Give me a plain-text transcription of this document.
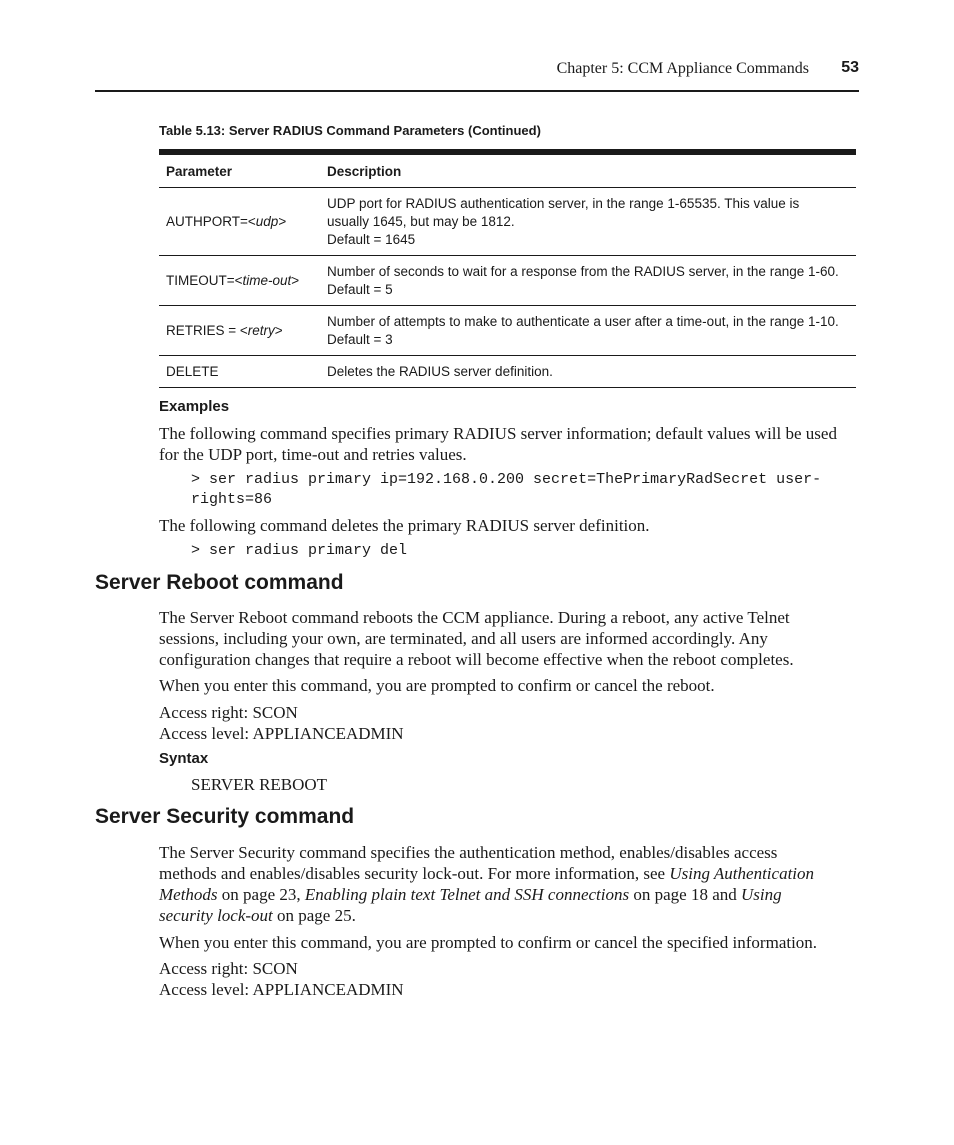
Chapter 5: CCM Appliance Commands 53
Table 5.13: Server RADIUS Command Parameters (Continued)
Parameter	Description
AUTHPORT=<udp>	UDP port for RADIUS authentication server, in the range 1-65535. This value is
usually 1645, but may be 1812.
Default = 1645

TIMEOUT=<time-out>	Number of seconds to wait for a response from the RADIUS server, in the range 1-60.
Default = 5

RETRIES = <retry>	Number of attempts to make to authenticate a user after a time-out, in the range 1-10.
Default = 3

DELETE	Deletes the RADIUS server definition.
Examples
The following command specifies primary RADIUS server information; default values will be used
for the UDP port, time-out and retries values.
> ser radius primary ip=192.168.0.200 secret=ThePrimaryRadSecret user-
rights=86
The following command deletes the primary RADIUS server definition.
> ser radius primary del
Server Reboot command
The Server Reboot command reboots the CCM appliance. During a reboot, any active Telnet
sessions, including your own, are terminated, and all users are informed accordingly. Any
configuration changes that require a reboot will become effective when the reboot completes.
When you enter this command, you are prompted to confirm or cancel the reboot.
Access right: SCON
Access level: APPLIANCEADMIN
Syntax
SERVER REBOOT
Server Security command
The Server Security command specifies the authentication method, enables/disables access
methods and enables/disables security lock-out. For more information, see Using Authentication
Methods on page 23, Enabling plain text Telnet and SSH connections on page 18 and Using
security lock-out on page 25.
When you enter this command, you are prompted to confirm or cancel the specified information.
Access right: SCON
Access level: APPLIANCEADMIN
